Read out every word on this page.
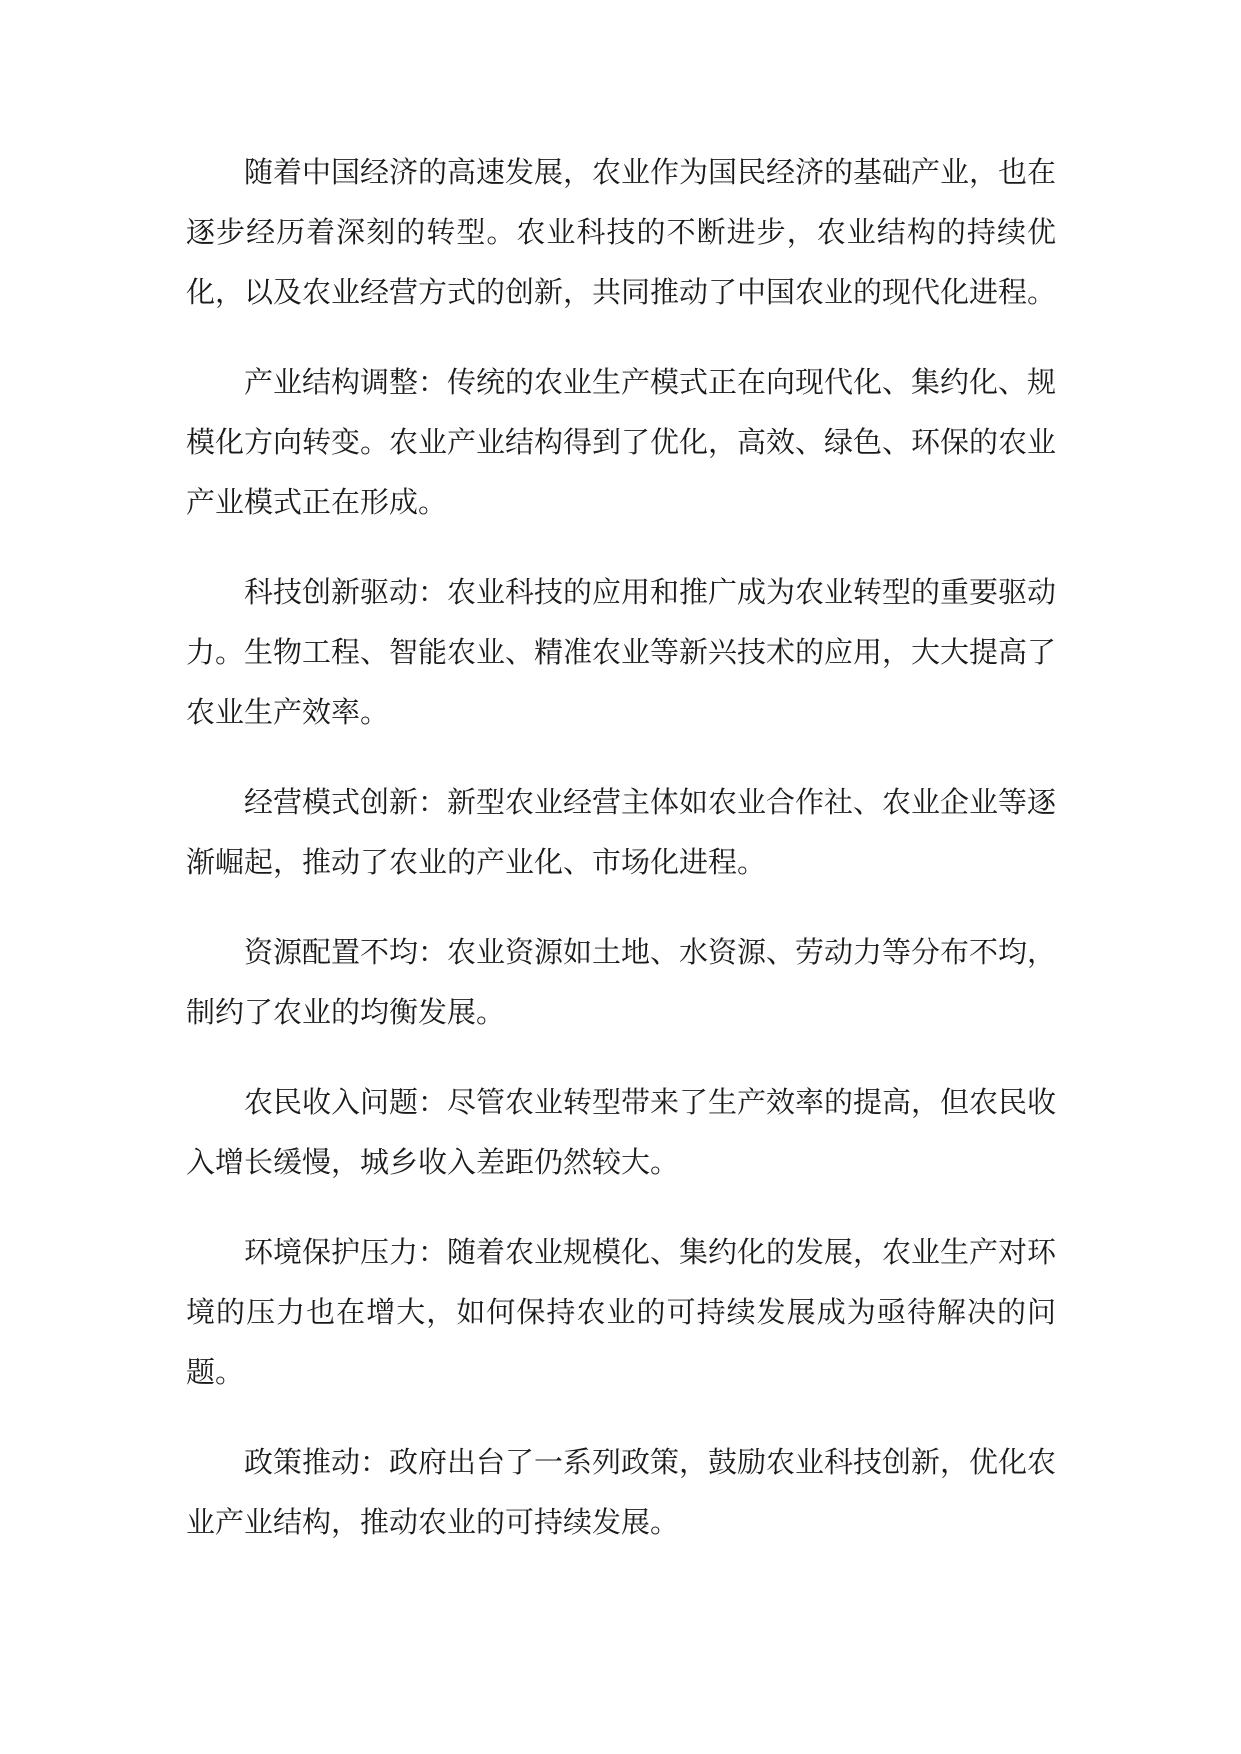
随着中国经济的高速发展，农业作为国民经济的基础产业，也在逐步经历着深刻的转型。农业科技的不断进步，农业结构的持续优化，以及农业经营方式的创新，共同推动了中国农业的现代化进程。

产业结构调整：传统的农业生产模式正在向现代化、集约化、规模化方向转变。农业产业结构得到了优化，高效、绿色、环保的农业产业模式正在形成。

科技创新驱动：农业科技的应用和推广成为农业转型的重要驱动力。生物工程、智能农业、精准农业等新兴技术的应用，大大提高了农业生产效率。

经营模式创新：新型农业经营主体如农业合作社、农业企业等逐渐崛起，推动了农业的产业化、市场化进程。

资源配置不均：农业资源如土地、水资源、劳动力等分布不均，制约了农业的均衡发展。

农民收入问题：尽管农业转型带来了生产效率的提高，但农民收入增长缓慢，城乡收入差距仍然较大。

环境保护压力：随着农业规模化、集约化的发展，农业生产对环境的压力也在增大，如何保持农业的可持续发展成为亟待解决的问题。

政策推动：政府出台了一系列政策，鼓励农业科技创新，优化农业产业结构，推动农业的可持续发展。
